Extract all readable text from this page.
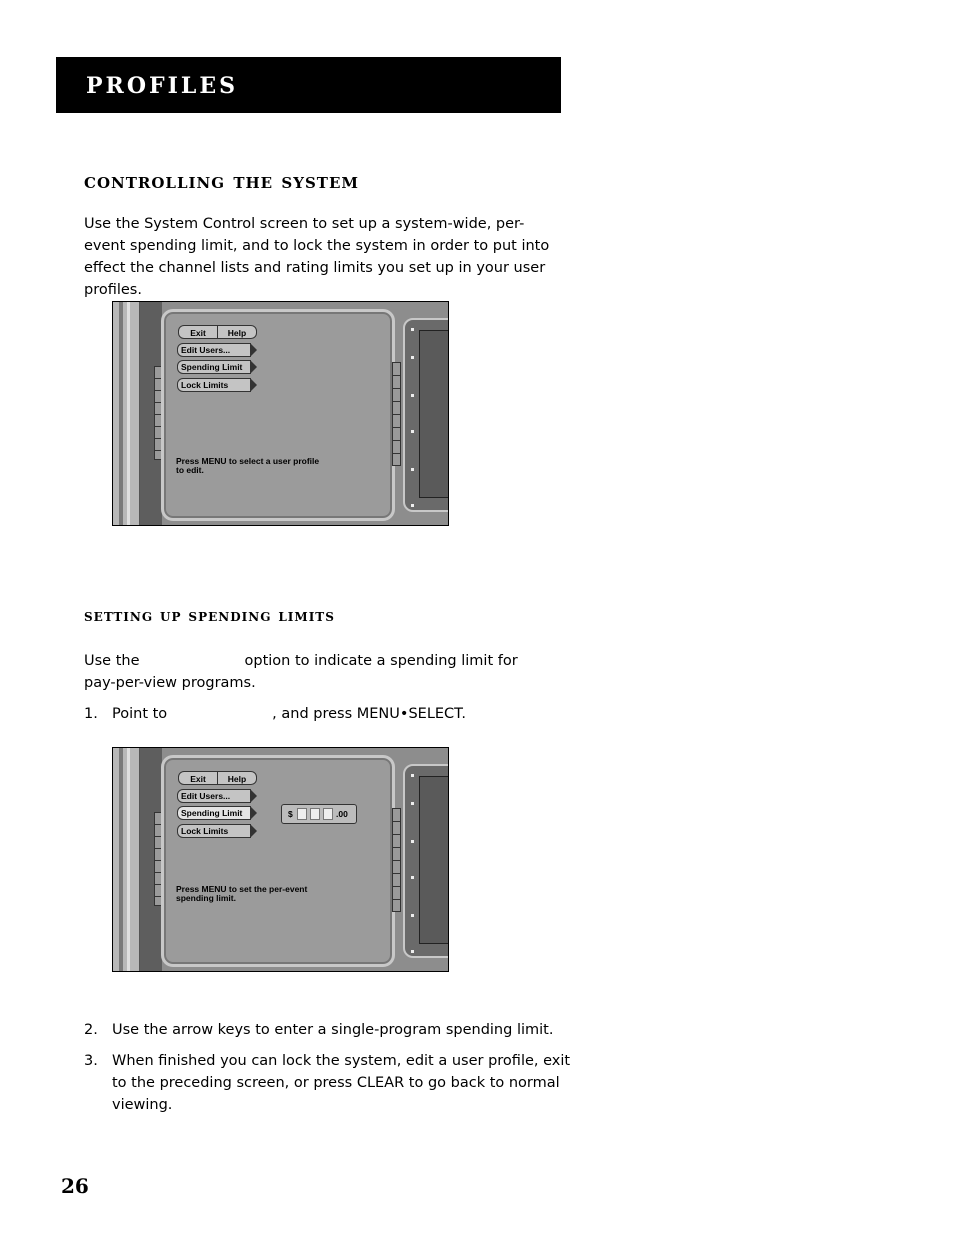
profiles
controlling the system

Use the System Control screen to set up a system-wide, per-event spending limit, and to lock the system in order to put into effect the channel lists and rating limits you set up in your user profiles.

Exit	Help
Edit Users...
Spending Limit
Lock Limits
Press MENU to select a user profile
to edit.
setting up spending limits

Use the	option to indicate a spending limit for
pay-per-view programs.

1. Point to	, and press MENU•SELECT.
Exit	Help
Edit Users...
Spending Limit
Lock Limits
$	.00
Press MENU to set the per-event
spending limit.
2. Use the arrow keys to enter a single-program spending limit.
3. When finished you can lock the system, edit a user profile, exit to the preceding screen, or press CLEAR to go back to normal viewing.
26
